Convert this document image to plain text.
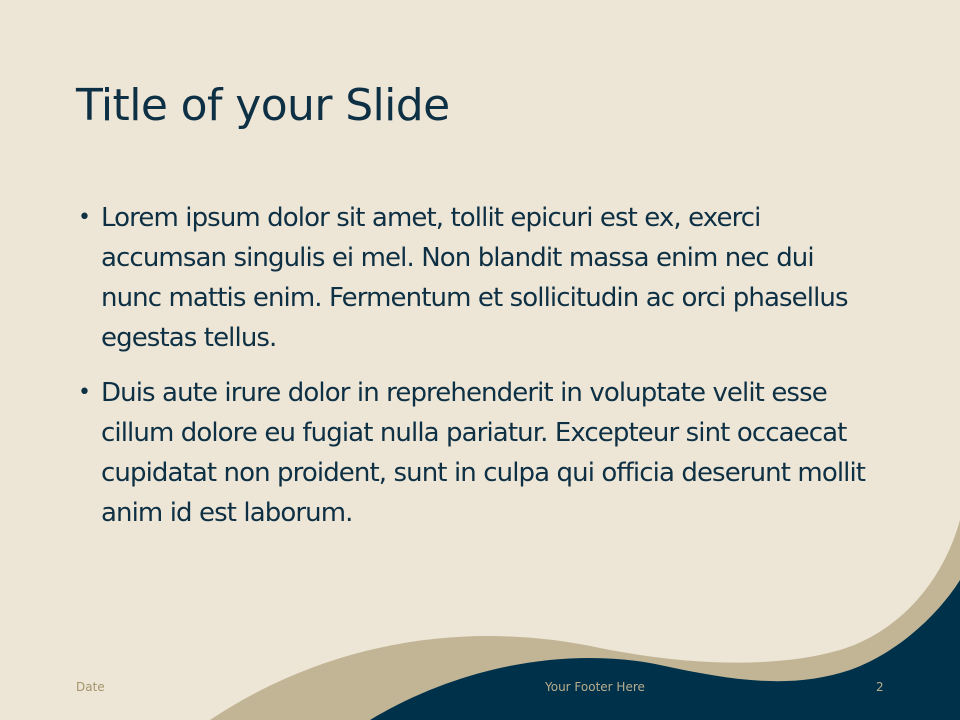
Title of your Slide
• Lorem ipsum dolor sit amet, tollit epicuri est ex, exerci accumsan singulis ei mel. Non blandit massa enim nec dui nunc mattis enim. Fermentum et sollicitudin ac orci phasellus egestas tellus.
• Duis aute irure dolor in reprehenderit in voluptate velit esse cillum dolore eu fugiat nulla pariatur. Excepteur sint occaecat cupidatat non proident, sunt in culpa qui officia deserunt mollit anim id est laborum.
Date	Your Footer Here	2
